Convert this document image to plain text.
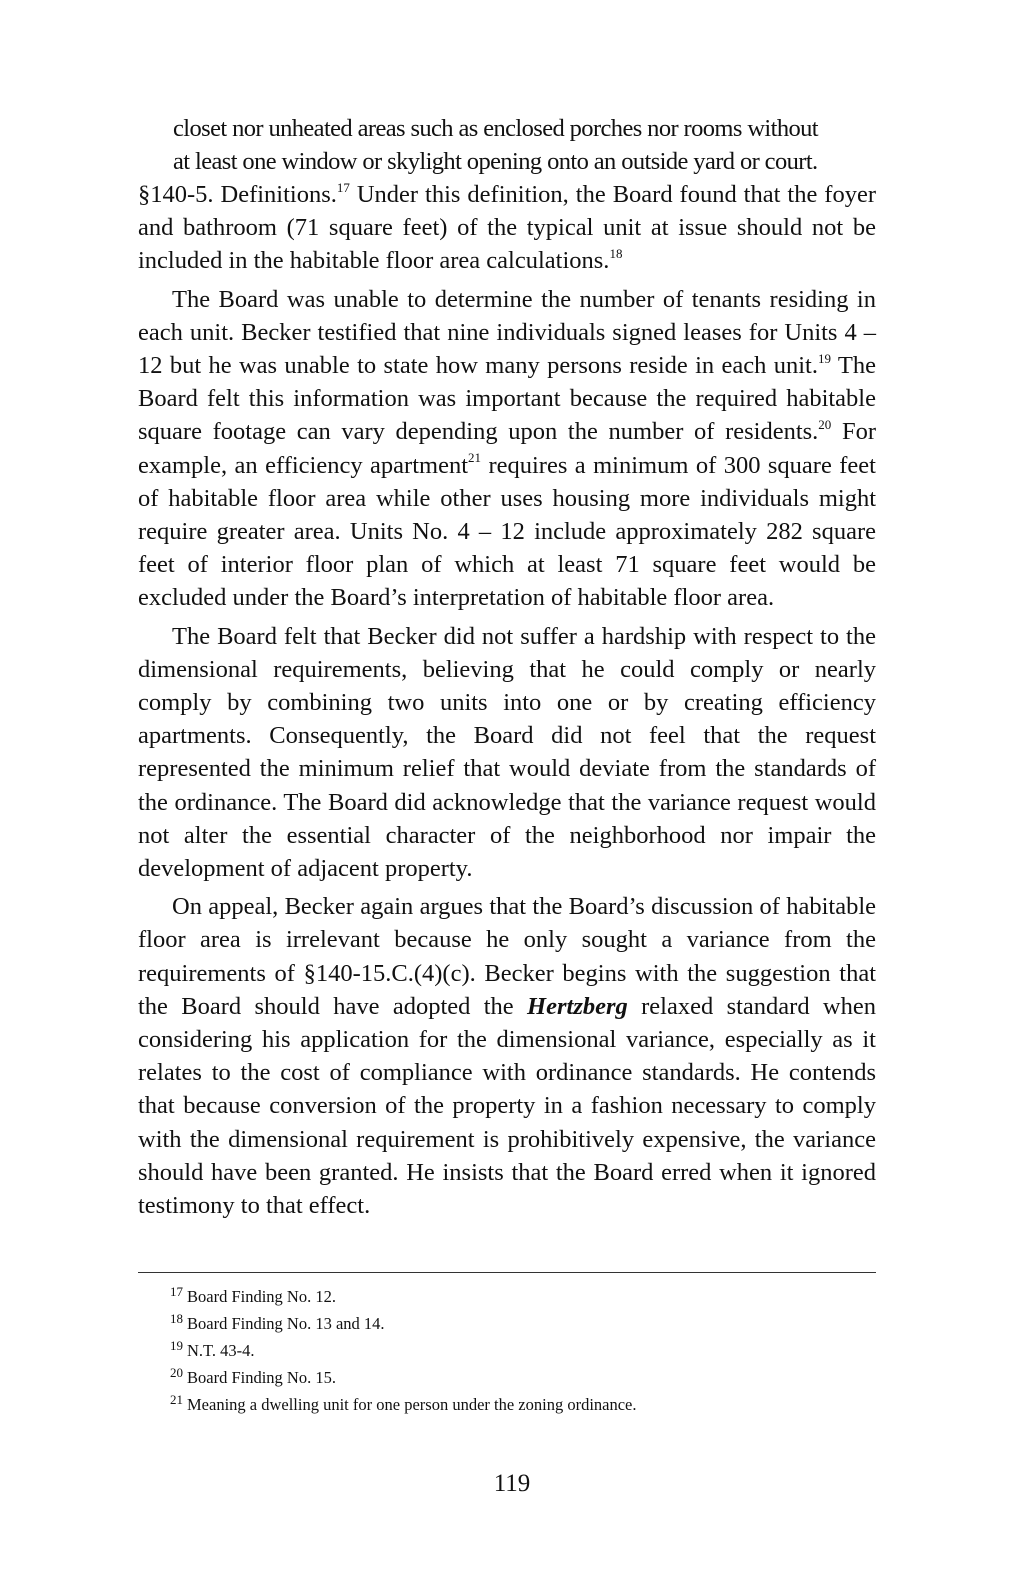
closet nor unheated areas such as enclosed porches nor rooms without
at least one window or skylight opening onto an outside yard or court.

§140-5. Definitions.$^{17}$ Under this definition, the Board found that the foyer and bathroom (71 square feet) of the typical unit at issue should not be included in the habitable floor area calculations.$^{18}$

The Board was unable to determine the number of tenants residing in each unit. Becker testified that nine individuals signed leases for Units 4 – 12 but he was unable to state how many persons reside in each unit.$^{19}$ The Board felt this information was important because the required habitable square footage can vary depending upon the number of residents.$^{20}$ For example, an efficiency apartment$^{21}$ requires a minimum of 300 square feet of habitable floor area while other uses housing more individuals might require greater area. Units No. 4 – 12 include approximately 282 square feet of interior floor plan of which at least 71 square feet would be excluded under the Board’s interpretation of habitable floor area.

The Board felt that Becker did not suffer a hardship with respect to the dimensional requirements, believing that he could comply or nearly comply by combining two units into one or by creating efficiency apartments. Consequently, the Board did not feel that the request represented the minimum relief that would deviate from the standards of the ordinance. The Board did acknowledge that the variance request would not alter the essential character of the neighborhood nor impair the development of adjacent property.

On appeal, Becker again argues that the Board’s discussion of habitable floor area is irrelevant because he only sought a variance from the requirements of §140-15.C.(4)(c). Becker begins with the suggestion that the Board should have adopted the Hertzberg relaxed standard when considering his application for the dimensional variance, especially as it relates to the cost of compliance with ordinance standards. He contends that because conversion of the property in a fashion necessary to comply with the dimensional requirement is prohibitively expensive, the variance should have been granted. He insists that the Board erred when it ignored testimony to that effect.

$^{17}$ Board Finding No. 12.

$^{18}$ Board Finding No. 13 and 14.

$^{19}$ N.T. 43-4.

$^{20}$ Board Finding No. 15.

$^{21}$ Meaning a dwelling unit for one person under the zoning ordinance.

119
